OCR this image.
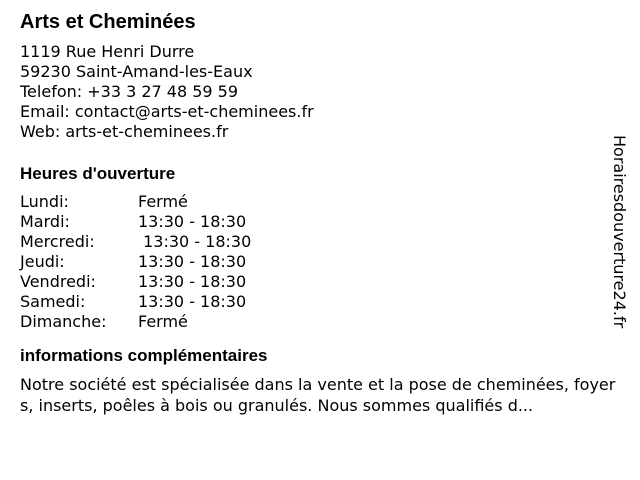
Arts et Cheminées
1119 Rue Henri Durre
59230 Saint-Amand-les-Eaux
Telefon: +33 3 27 48 59 59
Email: contact@arts-et-cheminees.fr
Web: arts-et-cheminees.fr
Heures d'ouverture
Lundi:	Fermé
Mardi:	13:30 - 18:30
Mercredi:	13:30 - 18:30
Jeudi:	13:30 - 18:30
Vendredi:	13:30 - 18:30
Samedi:	13:30 - 18:30
Dimanche:	Fermé
informations complémentaires
Notre société est spécialisée dans la vente et la pose de cheminées, foyers, inserts, poêles à bois ou granulés. Nous sommes qualifiés d...
Horairesdouverture24.fr
